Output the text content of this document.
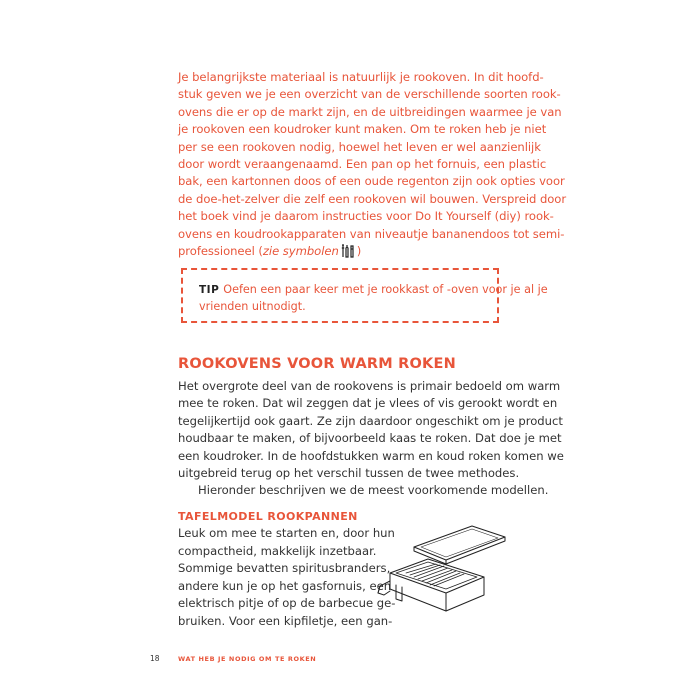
Je belangrijkste materiaal is natuurlijk je rookoven. In dit hoofd-
stuk geven we je een overzicht van de verschillende soorten rook-
ovens die er op de markt zijn, en de uitbreidingen waarmee je van
je rookoven een koudroker kunt maken. Om te roken heb je niet
per se een rookoven nodig, hoewel het leven er wel aanzienlijk
door wordt veraangenaamd. Een pan op het fornuis, een plastic
bak, een kartonnen doos of een oude regenton zijn ook opties voor
de doe-het-zelver die zelf een rookoven wil bouwen. Verspreid door
het boek vind je daarom instructies voor Do It Yourself (diy) rook-
ovens en koudrookapparaten van niveautje bananendoos tot semi-
professioneel (zie symbolen )
TIP Oefen een paar keer met je rookkast of -oven voor je al je
vrienden uitnodigt.
ROOKOVENS VOOR WARM ROKEN
Het overgrote deel van de rookovens is primair bedoeld om warm
mee te roken. Dat wil zeggen dat je vlees of vis gerookt wordt en
tegelijkertijd ook gaart. Ze zijn daardoor ongeschikt om je product
houdbaar te maken, of bijvoorbeeld kaas te roken. Dat doe je met
een koudroker. In de hoofdstukken warm en koud roken komen we
uitgebreid terug op het verschil tussen de twee methodes.
Hieronder beschrijven we de meest voorkomende modellen.
TAFELMODEL ROOKPANNEN
Leuk om mee te starten en, door hun
compactheid, makkelijk inzetbaar.
Sommige bevatten spiritusbranders,
andere kun je op het gasfornuis, een
elektrisch pitje of op de barbecue ge-
bruiken. Voor een kipfiletje, een gan-
18	WAT HEB JE NODIG OM TE ROKEN
